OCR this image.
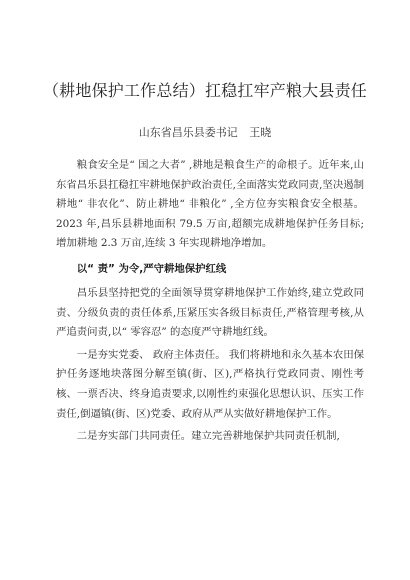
（耕地保护工作总结）扛稳扛牢产粮大县责任
山东省昌乐县委书记 王晓

粮食安全是“ 国之大者” ,耕地是粮食生产的命根子。近年来,山东省昌乐县扛稳扛牢耕地保护政治责任,全面落实党政同责,坚决遏制耕地“ 非农化”、防止耕地“ 非粮化” ,全方位夯实粮食安全根基。2023 年,昌乐县耕地面积 79.5 万亩,超额完成耕地保护任务目标;增加耕地 2.3 万亩,连续 3 年实现耕地净增加。

以“ 责” 为令,严守耕地保护红线

昌乐县坚持把党的全面领导贯穿耕地保护工作始终,建立党政同责、分级负责的责任体系,压紧压实各级目标责任,严格管理考核,从严追责问责,以“ 零容忍” 的态度严守耕地红线。

一是夯实党委、 政府主体责任。 我们将耕地和永久基本农田保护任务逐地块落图分解至镇(街、区),严格执行党政同责、刚性考核、一票否决、终身追责要求,以刚性约束强化思想认识、压实工作责任,倒逼镇(街、区)党委、政府从严从实做好耕地保护工作。

二是夯实部门共同责任。建立完善耕地保护共同责任机制,
